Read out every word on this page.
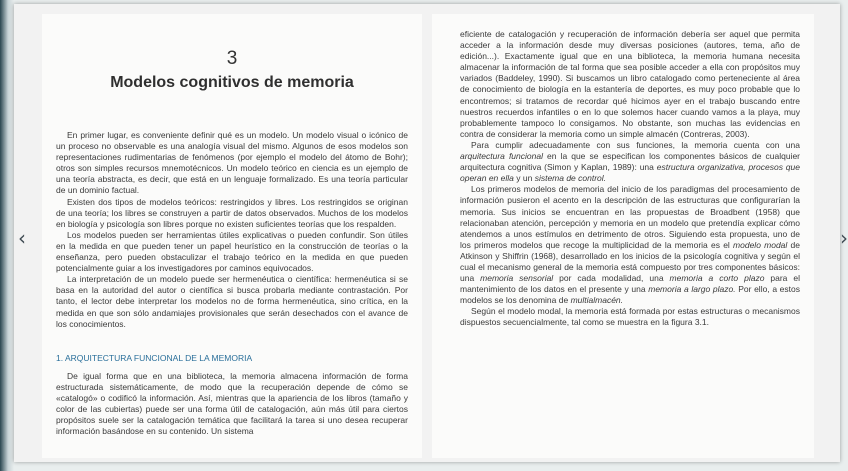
‹	›
3
Modelos cognitivos de memoria

En primer lugar, es conveniente definir qué es un modelo. Un modelo visual o icónico de un proceso no observable es una analogía visual del mismo. Algunos de esos modelos son representaciones rudimentarias de fenómenos (por ejemplo el modelo del átomo de Bohr); otros son simples recursos mnemotécnicos. Un modelo teórico en ciencia es un ejemplo de una teoría abstracta, es decir, que está en un lenguaje formalizado. Es una teoría particular de un dominio factual.

Existen dos tipos de modelos teóricos: restringidos y libres. Los restringidos se originan de una teoría; los libres se construyen a partir de datos observados. Muchos de los modelos en biología y psicología son libres porque no existen suficientes teorías que los respalden.

Los modelos pueden ser herramientas útiles explicativas o pueden confundir. Son útiles en la medida en que pueden tener un papel heurístico en la construcción de teorías o la enseñanza, pero pueden obstaculizar el trabajo teórico en la medida en que pueden potencialmente guiar a los investigadores por caminos equivocados.

La interpretación de un modelo puede ser hermenéutica o científica: hermenéutica si se basa en la autoridad del autor o científica si busca probarla mediante contrastación. Por tanto, el lector debe interpretar los modelos no de forma hermenéutica, sino crítica, en la medida en que son sólo andamiajes provisionales que serán desechados con el avance de los conocimientos.

1. ARQUITECTURA FUNCIONAL DE LA MEMORIA

De igual forma que en una biblioteca, la memoria almacena información de forma estructurada sistemáticamente, de modo que la recuperación depende de cómo se «catalogó» o codificó la información. Así, mientras que la apariencia de los libros (tamaño y color de las cubiertas) puede ser una forma útil de catalogación, aún más útil para ciertos propósitos suele ser la catalogación temática que facilitará la tarea si uno desea recuperar información basándose en su contenido. Un sistema

eficiente de catalogación y recuperación de información debería ser aquel que permita acceder a la información desde muy diversas posiciones (autores, tema, año de edición...). Exactamente igual que en una biblioteca, la memoria humana necesita almacenar la información de tal forma que sea posible acceder a ella con propósitos muy variados (Baddeley, 1990). Si buscamos un libro catalogado como perteneciente al área de conocimiento de biología en la estantería de deportes, es muy poco probable que lo encontremos; si tratamos de recordar qué hicimos ayer en el trabajo buscando entre nuestros recuerdos infantiles o en lo que solemos hacer cuando vamos a la playa, muy probablemente tampoco lo consigamos. No obstante, son muchas las evidencias en contra de considerar la memoria como un simple almacén (Contreras, 2003).

Para cumplir adecuadamente con sus funciones, la memoria cuenta con una arquitectura funcional en la que se especifican los componentes básicos de cualquier arquitectura cognitiva (Simon y Kaplan, 1989): una estructura organizativa, procesos que operan en ella y un sistema de control.

Los primeros modelos de memoria del inicio de los paradigmas del procesamiento de información pusieron el acento en la descripción de las estructuras que configurarían la memoria. Sus inicios se encuentran en las propuestas de Broadbent (1958) que relacionaban atención, percepción y memoria en un modelo que pretendía explicar cómo atendemos a unos estímulos en detrimento de otros. Siguiendo esta propuesta, uno de los primeros modelos que recoge la multiplicidad de la memoria es el modelo modal de Atkinson y Shiffrin (1968), desarrollado en los inicios de la psicología cognitiva y según el cual el mecanismo general de la memoria está compuesto por tres componentes básicos: una memoria sensorial por cada modalidad, una memoria a corto plazo para el mantenimiento de los datos en el presente y una memoria a largo plazo. Por ello, a estos modelos se los denomina de multialmacén.

Según el modelo modal, la memoria está formada por estas estructuras o mecanismos dispuestos secuencialmente, tal como se muestra en la figura 3.1.
